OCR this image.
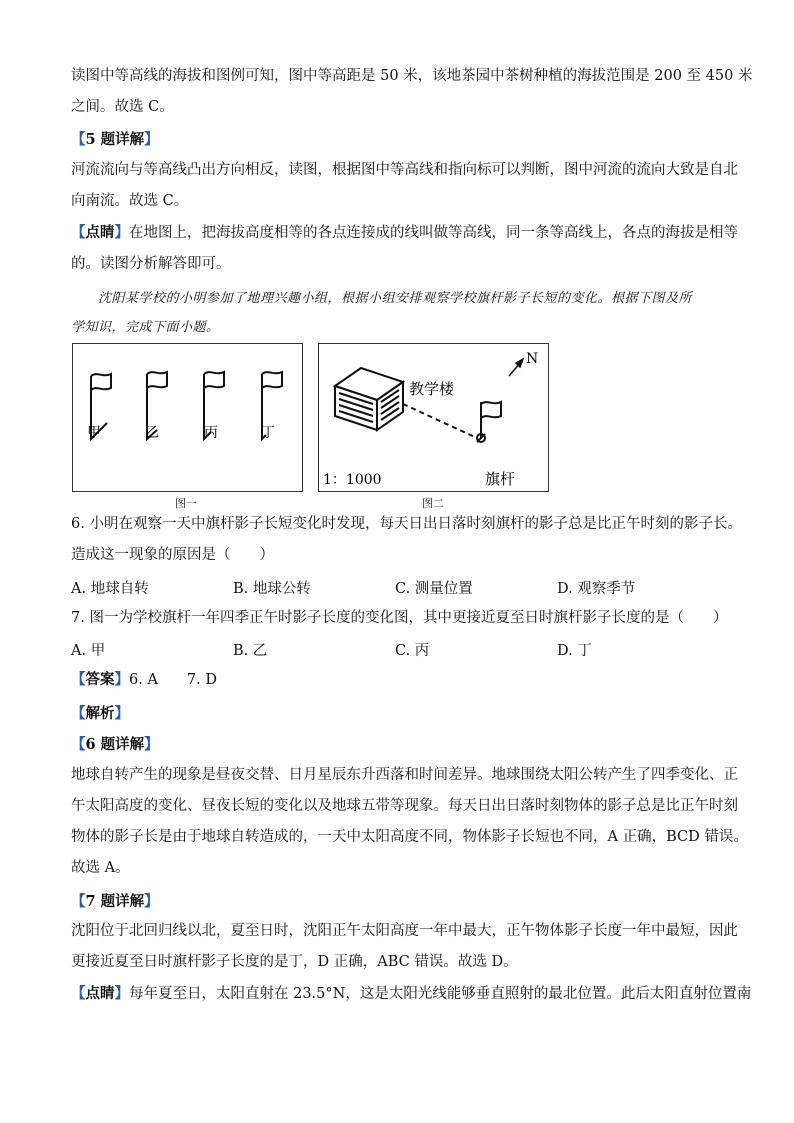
读图中等高线的海拔和图例可知，图中等高距是 50 米，该地茶园中茶树种植的海拔范围是 200 至 450 米
之间。故选 C。
【5 题详解】
河流流向与等高线凸出方向相反，读图，根据图中等高线和指向标可以判断，图中河流的流向大致是自北
向南流。故选 C。
【点睛】在地图上，把海拔高度相等的各点连接成的线叫做等高线，同一条等高线上，各点的海拔是相等
的。读图分析解答即可。
沈阳某学校的小明参加了地理兴趣小组，根据小组安排观察学校旗杆影子长短的变化。根据下图及所
学知识，完成下面小题。
甲	乙	丙	丁
图一
N
教学楼
旗杆
1：1000
图二
6. 小明在观察一天中旗杆影子长短变化时发现，每天日出日落时刻旗杆的影子总是比正午时刻的影子长。
造成这一现象的原因是（　　）
A. 地球自转	B. 地球公转	C. 测量位置	D. 观察季节
7. 图一为学校旗杆一年四季正午时影子长度的变化图，其中更接近夏至日时旗杆影子长度的是（　　）
A. 甲	B. 乙	C. 丙	D. 丁
【答案】6. A　　7. D
【解析】
【6 题详解】
地球自转产生的现象是昼夜交替、日月星辰东升西落和时间差异。地球围绕太阳公转产生了四季变化、正
午太阳高度的变化、昼夜长短的变化以及地球五带等现象。每天日出日落时刻物体的影子总是比正午时刻
物体的影子长是由于地球自转造成的，一天中太阳高度不同，物体影子长短也不同，A 正确，BCD 错误。
故选 A。
【7 题详解】
沈阳位于北回归线以北，夏至日时，沈阳正午太阳高度一年中最大，正午物体影子长度一年中最短，因此
更接近夏至日时旗杆影子长度的是丁，D 正确，ABC 错误。故选 D。
【点睛】每年夏至日，太阳直射在 23.5°N，这是太阳光线能够垂直照射的最北位置。此后太阳直射位置南
